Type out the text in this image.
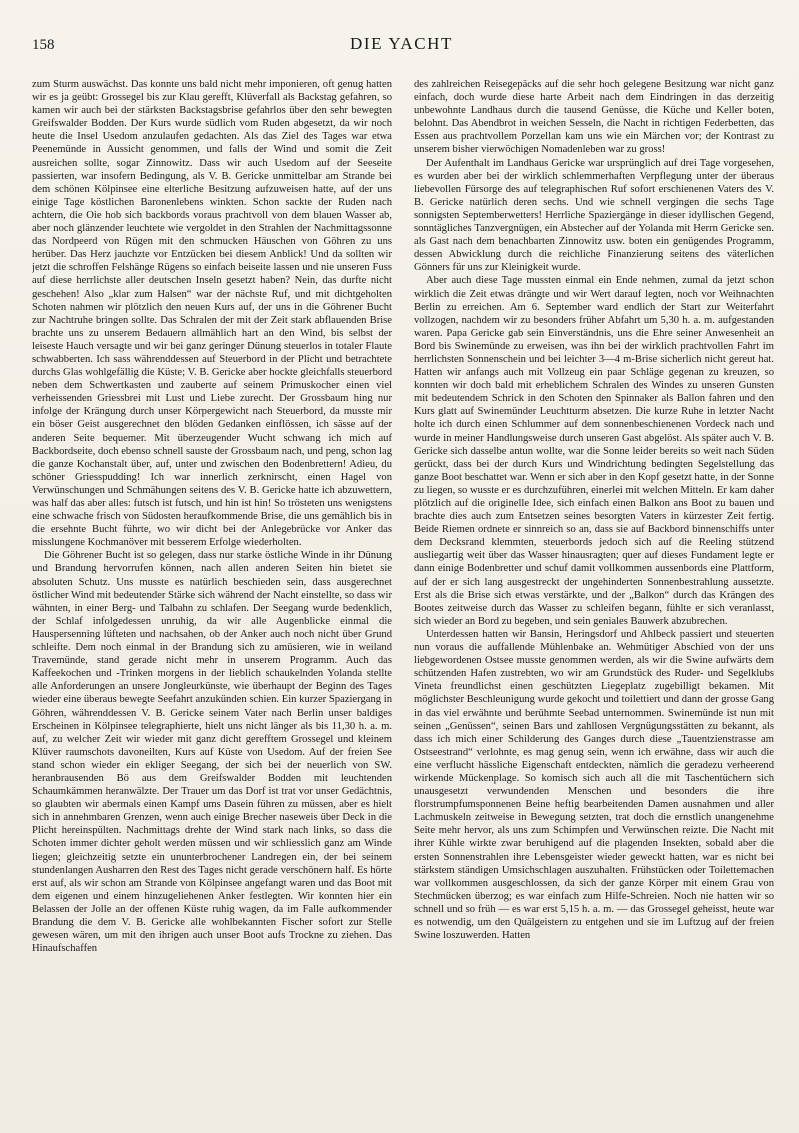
158	DIE YACHT

zum Sturm auswächst. Das konnte uns bald nicht mehr imponieren, oft genug hatten wir es ja geübt: Grossegel bis zur Klau gerefft, Klüverfall als Backstag gefahren, so kamen wir auch bei der stärksten Backstagsbrise gefahrlos über den sehr bewegten Greifswalder Bodden. Der Kurs wurde südlich vom Ruden abgesetzt, da wir noch heute die Insel Usedom anzulaufen gedachten. Als das Ziel des Tages war etwa Peenemünde in Aussicht genommen, und falls der Wind und somit die Zeit ausreichen sollte, sogar Zinnowitz. Dass wir auch Usedom auf der Seeseite passierten, war insofern Bedingung, als V. B. Gericke unmittelbar am Strande bei dem schönen Kölpinsee eine elterliche Besitzung aufzuweisen hatte, auf der uns einige Tage köstlichen Baronenlebens winkten. Schon sackte der Ruden nach achtern, die Oie hob sich backbords voraus prachtvoll von dem blauen Wasser ab, aber noch glänzender leuchtete wie vergoldet in den Strahlen der Nachmittagssonne das Nordpeerd von Rügen mit den schmucken Häuschen von Göhren zu uns herüber. Das Herz jauchzte vor Entzücken bei diesem Anblick! Und da sollten wir jetzt die schroffen Felshänge Rügens so einfach beiseite lassen und nie unseren Fuss auf diese herrlichste aller deutschen Inseln gesetzt haben? Nein, das durfte nicht geschehen! Also „klar zum Halsen“ war der nächste Ruf, und mit dichtgeholten Schoten nahmen wir plötzlich den neuen Kurs auf, der uns in die Göhrener Bucht zur Nachtruhe bringen sollte. Das Schralen der mit der Zeit stark abflauenden Brise brachte uns zu unserem Bedauern allmählich hart an den Wind, bis selbst der leiseste Hauch versagte und wir bei ganz geringer Dünung steuerlos in totaler Flaute schwabberten. Ich sass währenddessen auf Steuerbord in der Plicht und betrachtete durchs Glas wohlgefällig die Küste; V. B. Gericke aber hockte gleichfalls steuerbord neben dem Schwertkasten und zauberte auf seinem Primuskocher einen viel verheissenden Griessbrei mit Lust und Liebe zurecht. Der Grossbaum hing nur infolge der Krängung durch unser Körpergewicht nach Steuerbord, da musste mir ein böser Geist ausgerechnet den blöden Gedanken einflössen, ich sässe auf der anderen Seite bequemer. Mit überzeugender Wucht schwang ich mich auf Backbordseite, doch ebenso schnell sauste der Grossbaum nach, und peng, schon lag die ganze Kochanstalt über, auf, unter und zwischen den Bodenbrettern! Adieu, du schöner Griesspudding! Ich war innerlich zerknirscht, einen Hagel von Verwünschungen und Schmähungen seitens des V. B. Gericke hatte ich abzuwettern, was half das aber alles: futsch ist futsch, und hin ist hin! So trösteten uns wenigstens eine schwache frisch von Südosten heraufkommende Brise, die uns gemählich bis in die ersehnte Bucht führte, wo wir dicht bei der Anlegebrücke vor Anker das misslungene Kochmanöver mit besserem Erfolge wiederholten.

Die Göhrener Bucht ist so gelegen, dass nur starke östliche Winde in ihr Dünung und Brandung hervorrufen können, nach allen anderen Seiten hin bietet sie absoluten Schutz. Uns musste es natürlich beschieden sein, dass ausgerechnet östlicher Wind mit bedeutender Stärke sich während der Nacht einstellte, so dass wir wähnten, in einer Berg- und Talbahn zu schlafen. Der Seegang wurde bedenklich, der Schlaf infolgedessen unruhig, da wir alle Augenblicke einmal die Hauspersenning lüfteten und nachsahen, ob der Anker auch noch nicht über Grund schleifte. Dem noch einmal in der Brandung sich zu amüsieren, wie in weiland Travemünde, stand gerade nicht mehr in unserem Programm. Auch das Kaffeekochen und -Trinken morgens in der lieblich schaukelnden Yolanda stellte alle Anforderungen an unsere Jongleurkünste, wie überhaupt der Beginn des Tages wieder eine überaus bewegte Seefahrt anzukünden schien. Ein kurzer Spaziergang in Göhren, währenddessen V. B. Gericke seinem Vater nach Berlin unser baldiges Erscheinen in Kölpinsee telegraphierte, hielt uns nicht länger als bis 11,30 h. a. m. auf, zu welcher Zeit wir wieder mit ganz dicht gerefftem Grossegel und kleinem Klüver raumschots davoneilten, Kurs auf Küste von Usedom. Auf der freien See stand schon wieder ein ekliger Seegang, der sich bei der neuerlich von SW. heranbrausenden Bö aus dem Greifswalder Bodden mit leuchtenden Schaumkämmen heranwälzte. Der Trauer um das Dorf ist trat vor unser Gedächtnis, so glaubten wir abermals einen Kampf ums Dasein führen zu müssen, aber es hielt sich in annehmbaren Grenzen, wenn auch einige Brecher naseweis über Deck in die Plicht hereinspülten. Nachmittags drehte der Wind stark nach links, so dass die Schoten immer dichter geholt werden müssen und wir schliesslich ganz am Winde liegen; gleichzeitig setzte ein ununterbrochener Landregen ein, der bei seinem stundenlangen Ausharren den Rest des Tages nicht gerade verschönern half. Es hörte erst auf, als wir schon am Strande von Kölpinsee angefangt waren und das Boot mit dem eigenen und einem hinzugeliehenen Anker festlegten. Wir konnten hier ein Belassen der Jolle an der offenen Küste ruhig wagen, da im Falle aufkommender Brandung die dem V. B. Gericke alle wohlbekannten Fischer sofort zur Stelle gewesen wären, um mit den ihrigen auch unser Boot aufs Trockne zu ziehen. Das Hinaufschaffen

des zahlreichen Reisegepäcks auf die sehr hoch gelegene Besitzung war nicht ganz einfach, doch wurde diese harte Arbeit nach dem Eindringen in das derzeitig unbewohnte Landhaus durch die tausend Genüsse, die Küche und Keller boten, belohnt. Das Abendbrot in weichen Sesseln, die Nacht in richtigen Federbetten, das Essen aus prachtvollem Porzellan kam uns wie ein Märchen vor; der Kontrast zu unserem bisher vierwöchigen Nomadenleben war zu gross!

Der Aufenthalt im Landhaus Gericke war ursprünglich auf drei Tage vorgesehen, es wurden aber bei der wirklich schlemmerhaften Verpflegung unter der überaus liebevollen Fürsorge des auf telegraphischen Ruf sofort erschienenen Vaters des V. B. Gericke natürlich deren sechs. Und wie schnell vergingen die sechs Tage sonnigsten Septemberwetters! Herrliche Spaziergänge in dieser idyllischen Gegend, sonntägliches Tanzvergnügen, ein Abstecher auf der Yolanda mit Herrn Gericke sen. als Gast nach dem benachbarten Zinnowitz usw. boten ein genügendes Programm, dessen Abwicklung durch die reichliche Finanzierung seitens des väterlichen Gönners für uns zur Kleinigkeit wurde.

Aber auch diese Tage mussten einmal ein Ende nehmen, zumal da jetzt schon wirklich die Zeit etwas drängte und wir Wert darauf legten, noch vor Weihnachten Berlin zu erreichen. Am 6. September ward endlich der Start zur Weiterfahrt vollzogen, nachdem wir zu besonders früher Abfahrt um 5,30 h. a. m. aufgestanden waren. Papa Gericke gab sein Einverständnis, uns die Ehre seiner Anwesenheit an Bord bis Swinemünde zu erweisen, was ihn bei der wirklich prachtvollen Fahrt im herrlichsten Sonnenschein und bei leichter 3—4 m-Brise sicherlich nicht gereut hat. Hatten wir anfangs auch mit Vollzeug ein paar Schläge gegenan zu kreuzen, so konnten wir doch bald mit erheblichem Schralen des Windes zu unseren Gunsten mit bedeutendem Schrick in den Schoten den Spinnaker als Ballon fahren und den Kurs glatt auf Swinemünder Leuchtturm absetzen. Die kurze Ruhe in letzter Nacht holte ich durch einen Schlummer auf dem sonnenbeschienenen Vordeck nach und wurde in meiner Handlungsweise durch unseren Gast abgelöst. Als später auch V. B. Gericke sich dasselbe antun wollte, war die Sonne leider bereits so weit nach Süden gerückt, dass bei der durch Kurs und Windrichtung bedingten Segelstellung das ganze Boot beschattet war. Wenn er sich aber in den Kopf gesetzt hatte, in der Sonne zu liegen, so wusste er es durchzuführen, einerlei mit welchen Mitteln. Er kam daher plötzlich auf die originelle Idee, sich einfach einen Balkon ans Boot zu bauen und brachte dies auch zum Entsetzen seines besorgten Vaters in kürzester Zeit fertig. Beide Riemen ordnete er sinnreich so an, dass sie auf Backbord binnenschiffs unter dem Decksrand klemmten, steuerbords jedoch sich auf die Reeling stützend ausliegartig weit über das Wasser hinausragten; quer auf dieses Fundament legte er dann einige Bodenbretter und schuf damit vollkommen aussenbords eine Plattform, auf der er sich lang ausgestreckt der ungehinderten Sonnenbestrahlung aussetzte. Erst als die Brise sich etwas verstärkte, und der „Balkon“ durch das Krängen des Bootes zeitweise durch das Wasser zu schleifen begann, fühlte er sich veranlasst, sich wieder an Bord zu begeben, und sein geniales Bauwerk abzubrechen.

Unterdessen hatten wir Bansin, Heringsdorf und Ahlbeck passiert und steuerten nun voraus die auffallende Mühlenbake an. Wehmütiger Abschied von der uns liebgewordenen Ostsee musste genommen werden, als wir die Swine aufwärts dem schützenden Hafen zustrebten, wo wir am Grundstück des Ruder- und Segelklubs Vineta freundlichst einen geschützten Liegeplatz zugebilligt bekamen. Mit möglichster Beschleunigung wurde gekocht und toilettiert und dann der grosse Gang in das viel erwähnte und berühmte Seebad unternommen. Swinemünde ist nun mit seinen „Genüssen“, seinen Bars und zahllosen Vergnügungsstätten zu bekannt, als dass ich mich einer Schilderung des Ganges durch diese „Tauentzienstrasse am Ostseestrand“ verlohnte, es mag genug sein, wenn ich erwähne, dass wir auch die eine verflucht hässliche Eigenschaft entdeckten, nämlich die geradezu verheerend wirkende Mückenplage. So komisch sich auch all die mit Taschentüchern sich unausgesetzt verwundenden Menschen und besonders die ihre florstrumpfumsponnenen Beine heftig bearbeitenden Damen ausnahmen und aller Lachmuskeln zeitweise in Bewegung setzten, trat doch die ernstlich unangenehme Seite mehr hervor, als uns zum Schimpfen und Verwünschen reizte. Die Nacht mit ihrer Kühle wirkte zwar beruhigend auf die plagenden Insekten, sobald aber die ersten Sonnenstrahlen ihre Lebensgeister wieder geweckt hatten, war es nicht bei stärkstem ständigen Umsichschlagen auszuhalten. Frühstücken oder Toilettemachen war vollkommen ausgeschlossen, da sich der ganze Körper mit einem Grau von Stechmücken überzog; es war einfach zum Hilfe-Schreien. Noch nie hatten wir so schnell und so früh — es war erst 5,15 h. a. m. — das Grossegel geheisst, heute war es notwendig, um den Quälgeistern zu entgehen und sie im Luftzug auf der freien Swine loszuwerden. Hatten
